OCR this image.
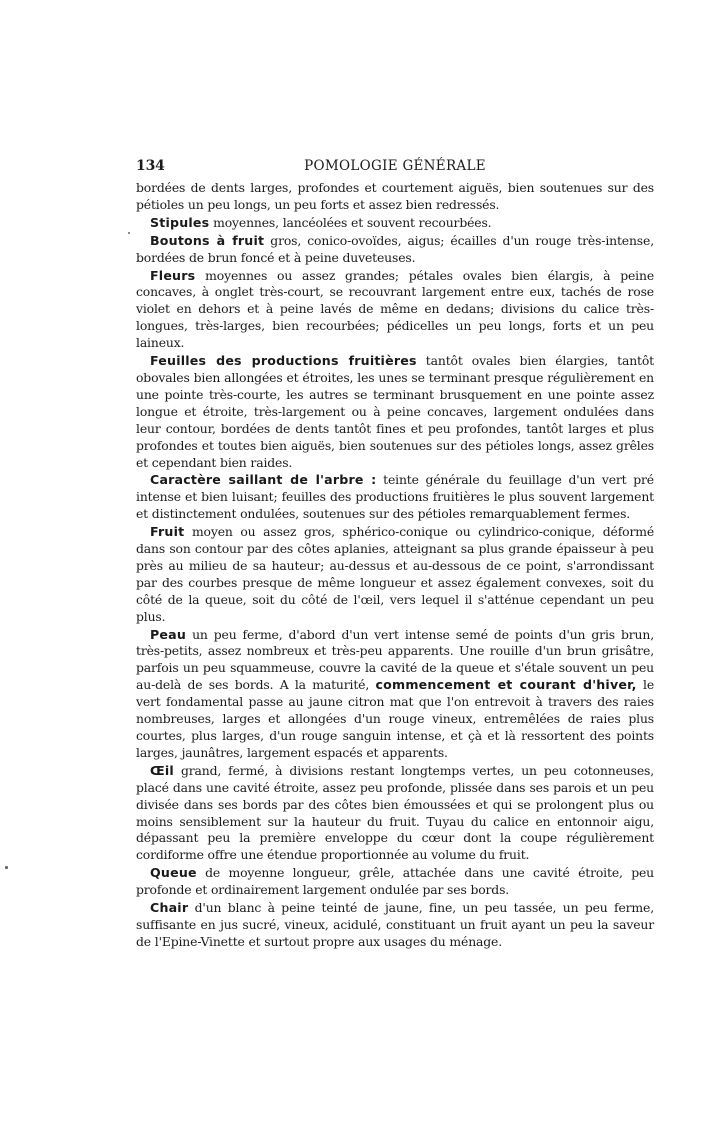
134	POMOLOGIE GÉNÉRALE

bordées de dents larges, profondes et courtement aiguës, bien soutenues sur des pétioles un peu longs, un peu forts et assez bien redressés.

Stipules moyennes, lancéolées et souvent recourbées.

Boutons à fruit gros, conico-ovoïdes, aigus; écailles d'un rouge très-intense, bordées de brun foncé et à peine duveteuses.

Fleurs moyennes ou assez grandes; pétales ovales bien élargis, à peine concaves, à onglet très-court, se recouvrant largement entre eux, tachés de rose violet en dehors et à peine lavés de même en dedans; divisions du calice très-longues, très-larges, bien recourbées; pédicelles un peu longs, forts et un peu laineux.

Feuilles des productions fruitières tantôt ovales bien élargies, tantôt obovales bien allongées et étroites, les unes se terminant presque régulièrement en une pointe très-courte, les autres se terminant brusquement en une pointe assez longue et étroite, très-largement ou à peine concaves, largement ondulées dans leur contour, bordées de dents tantôt fines et peu profondes, tantôt larges et plus profondes et toutes bien aiguës, bien soutenues sur des pétioles longs, assez grêles et cependant bien raides.

Caractère saillant de l'arbre : teinte générale du feuillage d'un vert pré intense et bien luisant; feuilles des productions fruitières le plus souvent largement et distinctement ondulées, soutenues sur des pétioles remarquablement fermes.

Fruit moyen ou assez gros, sphérico-conique ou cylindrico-conique, déformé dans son contour par des côtes aplanies, atteignant sa plus grande épaisseur à peu près au milieu de sa hauteur; au-dessus et au-dessous de ce point, s'arrondissant par des courbes presque de même longueur et assez également convexes, soit du côté de la queue, soit du côté de l'œil, vers lequel il s'atténue cependant un peu plus.

Peau un peu ferme, d'abord d'un vert intense semé de points d'un gris brun, très-petits, assez nombreux et très-peu apparents. Une rouille d'un brun grisâtre, parfois un peu squammeuse, couvre la cavité de la queue et s'étale souvent un peu au-delà de ses bords. A la maturité, commencement et courant d'hiver, le vert fondamental passe au jaune citron mat que l'on entrevoit à travers des raies nombreuses, larges et allongées d'un rouge vineux, entremêlées de raies plus courtes, plus larges, d'un rouge sanguin intense, et çà et là ressortent des points larges, jaunâtres, largement espacés et apparents.

Œil grand, fermé, à divisions restant longtemps vertes, un peu cotonneuses, placé dans une cavité étroite, assez peu profonde, plissée dans ses parois et un peu divisée dans ses bords par des côtes bien émoussées et qui se prolongent plus ou moins sensiblement sur la hauteur du fruit. Tuyau du calice en entonnoir aigu, dépassant peu la première enveloppe du cœur dont la coupe régulièrement cordiforme offre une étendue proportionnée au volume du fruit.

Queue de moyenne longueur, grêle, attachée dans une cavité étroite, peu profonde et ordinairement largement ondulée par ses bords.

Chair d'un blanc à peine teinté de jaune, fine, un peu tassée, un peu ferme, suffisante en jus sucré, vineux, acidulé, constituant un fruit ayant un peu la saveur de l'Epine-Vinette et surtout propre aux usages du ménage.
